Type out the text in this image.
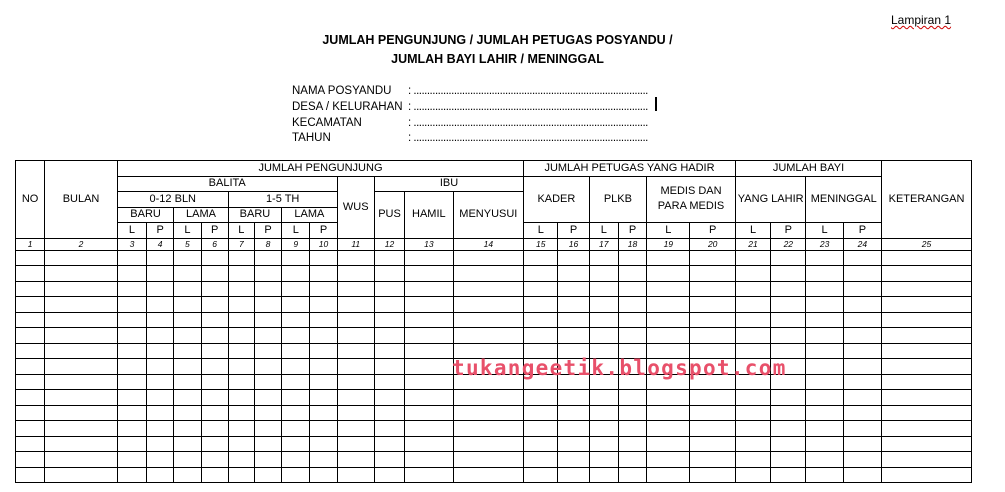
Lampiran 1
JUMLAH PENGUNJUNG / JUMLAH PETUGAS POSYANDU /
JUMLAH BAYI LAHIR / MENINGGAL
NAMA POSYANDU	: .......................................................................................
DESA / KELURAHAN : .......................................................................................
KECAMATAN	: .......................................................................................
TAHUN	: .......................................................................................
NO	BULAN	JUMLAH PENGUNJUNG												JUMLAH PETUGAS YANG HADIR						JUMLAH BAYI				KETERANGAN
		BALITA								WUS	IBU			KADER		PLKB		MEDIS DAN PARA MEDIS		YANG LAHIR		MENINGGAL		
		0-12 BLN				1-5 TH					PUS	HAMIL	MENYUSUI											
		BARU		LAMA		BARU		LAMA																
		L	P	L	P	L	P	L	P					L	P	L	P	L	P	L	P	L	P	
1	2	3	4	5	6	7	8	9	10	11	12	13	14	15	16	17	18	19	20	21	22	23	24	25

tukangeetik.blogspot.com
